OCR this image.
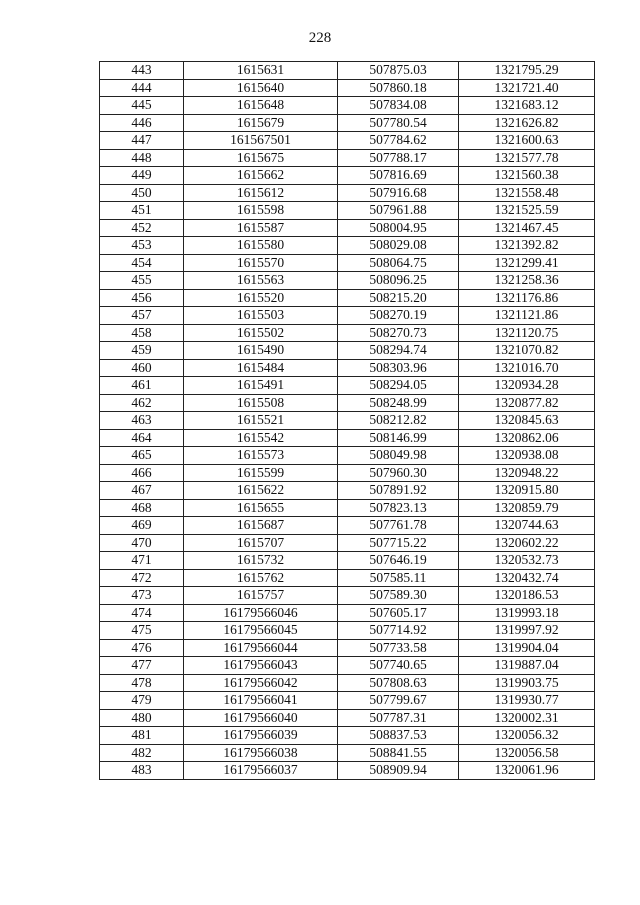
228
443	1615631	507875.03	1321795.29
444	1615640	507860.18	1321721.40
445	1615648	507834.08	1321683.12
446	1615679	507780.54	1321626.82
447	161567501	507784.62	1321600.63
448	1615675	507788.17	1321577.78
449	1615662	507816.69	1321560.38
450	1615612	507916.68	1321558.48
451	1615598	507961.88	1321525.59
452	1615587	508004.95	1321467.45
453	1615580	508029.08	1321392.82
454	1615570	508064.75	1321299.41
455	1615563	508096.25	1321258.36
456	1615520	508215.20	1321176.86
457	1615503	508270.19	1321121.86
458	1615502	508270.73	1321120.75
459	1615490	508294.74	1321070.82
460	1615484	508303.96	1321016.70
461	1615491	508294.05	1320934.28
462	1615508	508248.99	1320877.82
463	1615521	508212.82	1320845.63
464	1615542	508146.99	1320862.06
465	1615573	508049.98	1320938.08
466	1615599	507960.30	1320948.22
467	1615622	507891.92	1320915.80
468	1615655	507823.13	1320859.79
469	1615687	507761.78	1320744.63
470	1615707	507715.22	1320602.22
471	1615732	507646.19	1320532.73
472	1615762	507585.11	1320432.74
473	1615757	507589.30	1320186.53
474	16179566046	507605.17	1319993.18
475	16179566045	507714.92	1319997.92
476	16179566044	507733.58	1319904.04
477	16179566043	507740.65	1319887.04
478	16179566042	507808.63	1319903.75
479	16179566041	507799.67	1319930.77
480	16179566040	507787.31	1320002.31
481	16179566039	508837.53	1320056.32
482	16179566038	508841.55	1320056.58
483	16179566037	508909.94	1320061.96
